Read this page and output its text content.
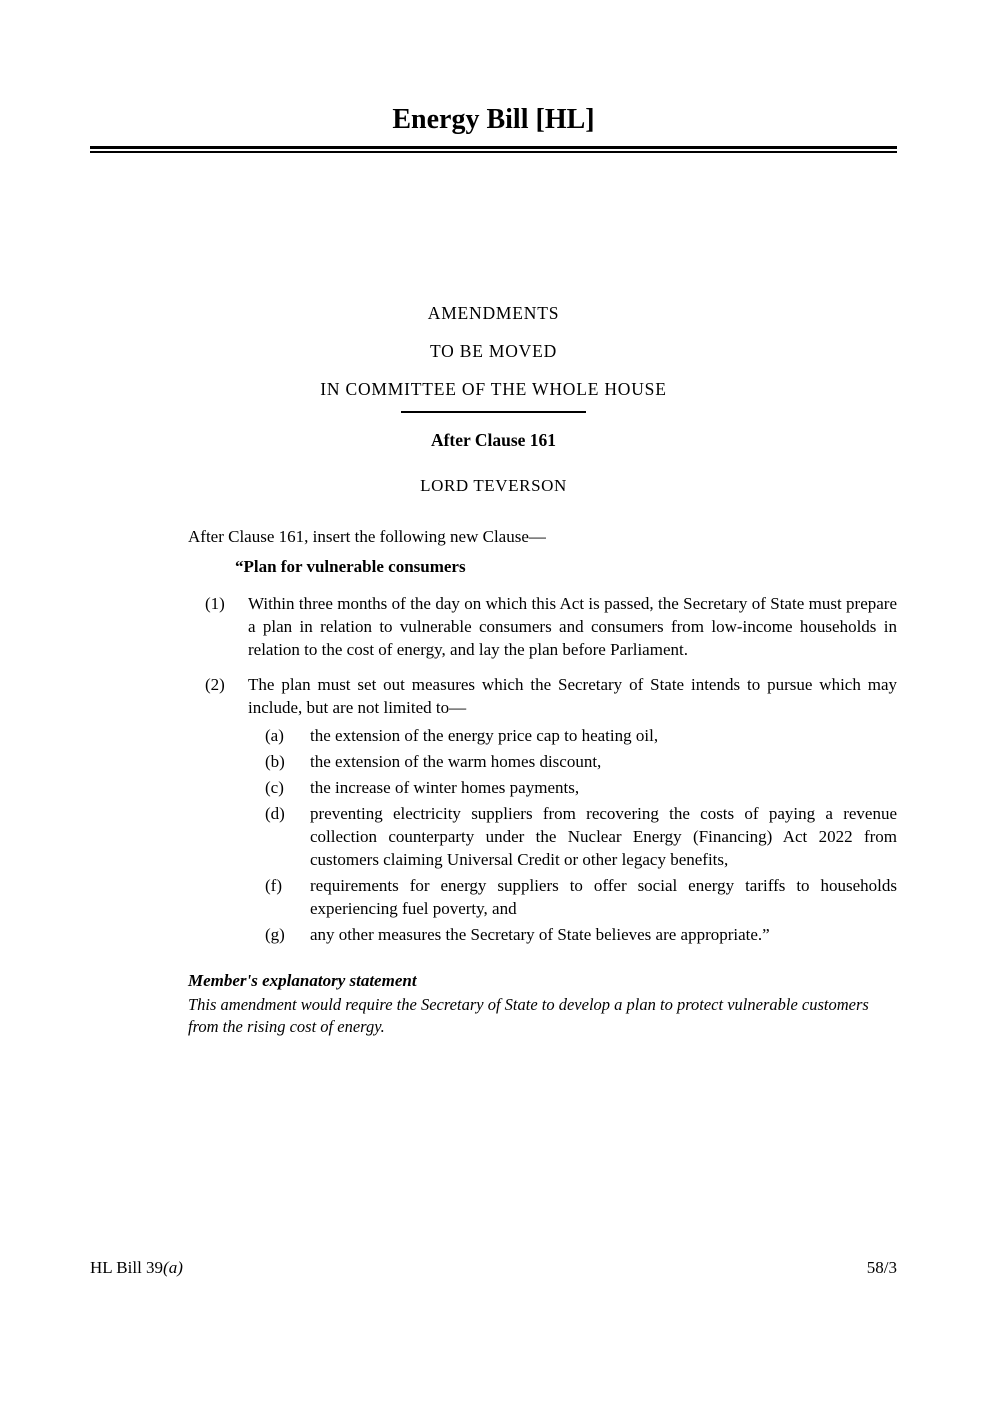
Energy Bill [HL]
AMENDMENTS
TO BE MOVED
IN COMMITTEE OF THE WHOLE HOUSE
After Clause 161
LORD TEVERSON

After Clause 161, insert the following new Clause—

“Plan for vulnerable consumers

(1)	Within three months of the day on which this Act is passed, the Secretary of State must prepare a plan in relation to vulnerable consumers and consumers from low-income households in relation to the cost of energy, and lay the plan before Parliament.
(2)	The plan must set out measures which the Secretary of State intends to pursue which may include, but are not limited to—
(a)	the extension of the energy price cap to heating oil,
(b)	the extension of the warm homes discount,
(c)	the increase of winter homes payments,
(d)	preventing electricity suppliers from recovering the costs of paying a revenue collection counterparty under the Nuclear Energy (Financing) Act 2022 from customers claiming Universal Credit or other legacy benefits,
(f)	requirements for energy suppliers to offer social energy tariffs to households experiencing fuel poverty, and
(g)	any other measures the Secretary of State believes are appropriate.”
Member's explanatory statement
This amendment would require the Secretary of State to develop a plan to protect vulnerable customers from the rising cost of energy.
HL Bill 39(a)	58/3
